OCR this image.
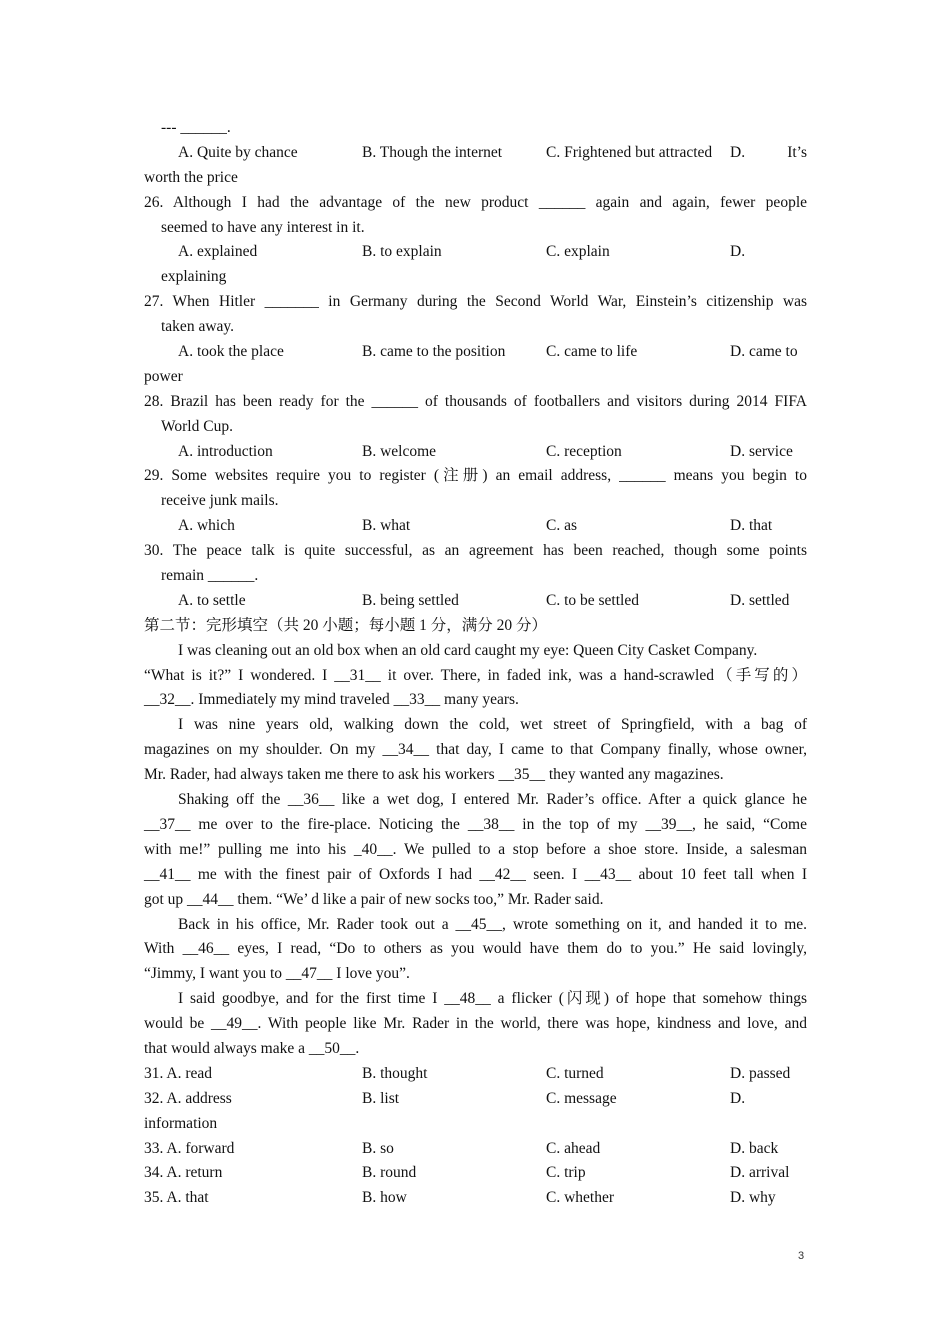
--- ______.
A. Quite by chance	B. Though the internet	C. Frightened but attracted D.	It’s
worth the price
26. Although I had the advantage of the new product ______ again and again, fewer people
seemed to have any interest in it.
A. explained	B. to explain	C. explain	D.
explaining
27. When Hitler _______ in Germany during the Second World War, Einstein’s citizenship was
taken away.
A. took the place	B. came to the position	C. came to life	D. came to
power
28. Brazil has been ready for the ______ of thousands of footballers and visitors during 2014 FIFA
World Cup.
A. introduction	B. welcome	C. reception	D. service
29. Some websites require you to register (注册) an email address, ______ means you begin to
receive junk mails.
A. which	B. what	C. as	D. that
30. The peace talk is quite successful, as an agreement has been reached, though some points
remain ______.
A. to settle	B. being settled	C. to be settled	D. settled
第二节：完形填空（共 20 小题；每小题 1 分，满分 20 分）
I was cleaning out an old box when an old card caught my eye: Queen City Casket Company.
“What is it?” I wondered. I __31__ it over. There, in faded ink, was a hand-scrawled（手写的）
__32__. Immediately my mind traveled __33__ many years.
I was nine years old, walking down the cold, wet street of Springfield, with a bag of
magazines on my shoulder. On my __34__ that day, I came to that Company finally, whose owner,
Mr. Rader, had always taken me there to ask his workers __35__ they wanted any magazines.
Shaking off the __36__ like a wet dog, I entered Mr. Rader’s office. After a quick glance he
__37__ me over to the fire-place. Noticing the __38__ in the top of my __39__, he said, “Come
with me!” pulling me into his _40__. We pulled to a stop before a shoe store. Inside, a salesman
__41__ me with the finest pair of Oxfords I had __42__ seen. I __43__ about 10 feet tall when I
got up __44__ them. “We’ d like a pair of new socks too,” Mr. Rader said.
Back in his office, Mr. Rader took out a __45__, wrote something on it, and handed it to me.
With __46__ eyes, I read, “Do to others as you would have them do to you.” He said lovingly,
“Jimmy, I want you to __47__ I love you”.
I said goodbye, and for the first time I __48__ a flicker (闪现) of hope that somehow things
would be __49__. With people like Mr. Rader in the world, there was hope, kindness and love, and
that would always make a __50__.
31. A. read	B. thought	C. turned	D. passed
32. A. address	B. list	C. message	D.
information
33. A. forward	B. so	C. ahead	D. back
34. A. return	B. round	C. trip	D. arrival
35. A. that	B. how	C. whether	D. why
3
